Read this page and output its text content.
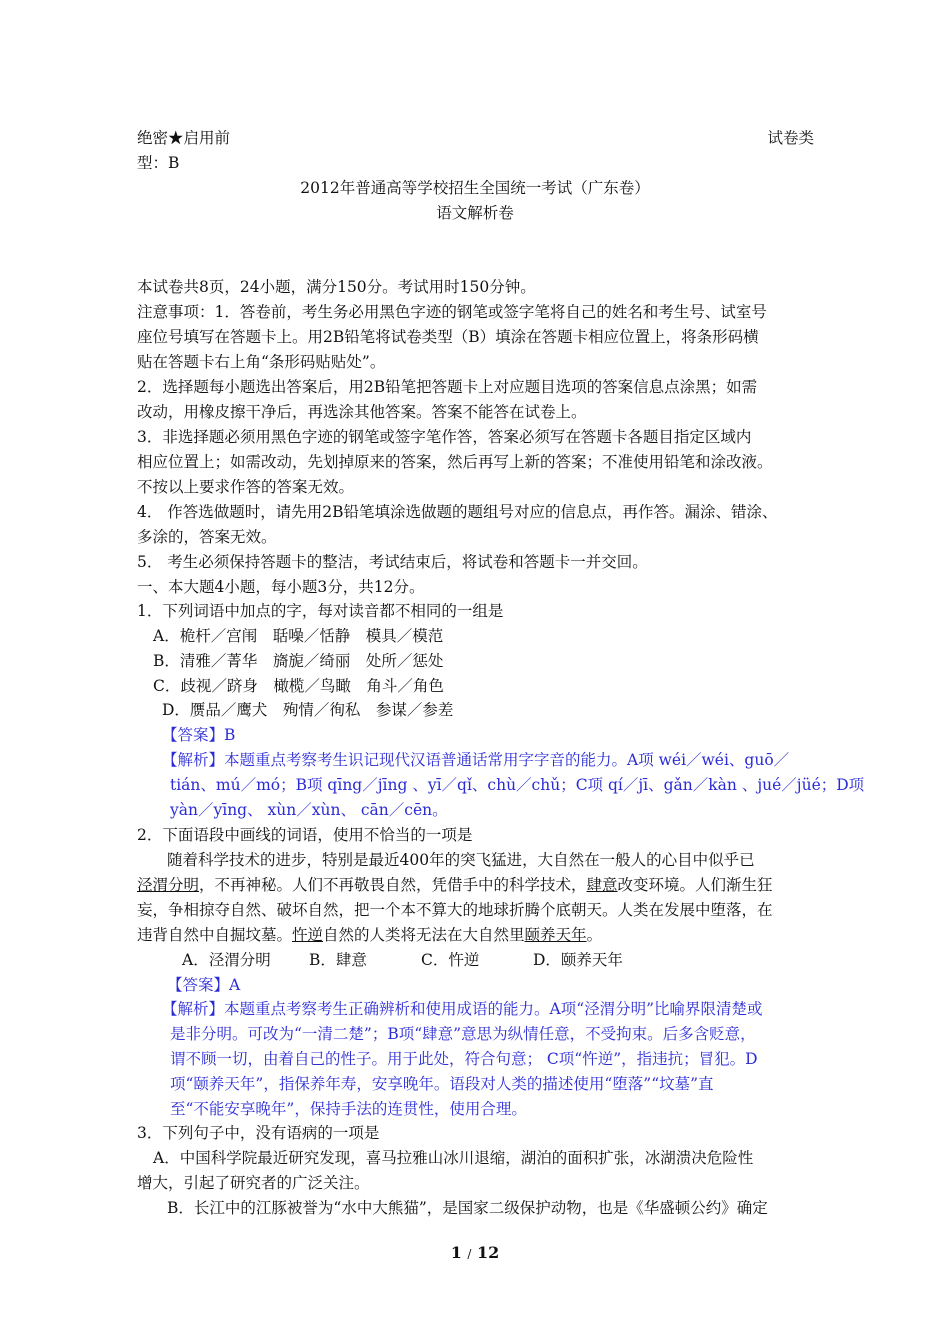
绝密★启用前	试卷类
型：B
2012年普通高等学校招生全国统一考试（广东卷）
语文解析卷
本试卷共8页，24小题，满分150分。考试用时150分钟。
注意事项：1．答卷前，考生务必用黑色字迹的钢笔或签字笔将自己的姓名和考生号、试室号
座位号填写在答题卡上。用2B铅笔将试卷类型（B）填涂在答题卡相应位置上，将条形码横
贴在答题卡右上角“条形码贴贴处”。
2．选择题每小题选出答案后，用2B铅笔把答题卡上对应题目选项的答案信息点涂黑；如需
改动，用橡皮擦干净后，再选涂其他答案。答案不能答在试卷上。
3．非选择题必须用黑色字迹的钢笔或签字笔作答，答案必须写在答题卡各题目指定区域内
相应位置上；如需改动，先划掉原来的答案，然后再写上新的答案；不准使用铅笔和涂改液。
不按以上要求作答的答案无效。
4． 作答选做题时，请先用2B铅笔填涂选做题的题组号对应的信息点，再作答。漏涂、错涂、
多涂的，答案无效。
5． 考生必须保持答题卡的整洁，考试结束后，将试卷和答题卡一并交回。
一、本大题4小题，每小题3分，共12分。
1．下列词语中加点的字，每对读音都不相同的一组是
A．桅杆／宫闱　聒噪／恬静　模具／模范
B．清雅／菁华　旖旎／绮丽　处所／惩处
C．歧视／跻身　橄榄／鸟瞰　角斗／角色
D．赝品／鹰犬　殉情／徇私　参谋／参差
【答案】B
【解析】本题重点考察考生识记现代汉语普通话常用字字音的能力。A项 wéi／wéi、guō／
tián、mú／mó；B项 qīng／jīng 、yī／qǐ、chù／chǔ；C项 qí／jī、gǎn／kàn 、jué／jüé；D项
yàn／yīng、 xùn／xùn、 cān／cēn。
2．下面语段中画线的词语，使用不恰当的一项是
随着科学技术的进步，特别是最近400年的突飞猛进，大自然在一般人的心目中似乎已
泾渭分明，不再神秘。人们不再敬畏自然，凭借手中的科学技术，肆意改变环境。人们渐生狂
妄，争相掠夺自然、破坏自然，把一个本不算大的地球折腾个底朝天。人类在发展中堕落，在
违背自然中自掘坟墓。忤逆自然的人类将无法在大自然里颐养天年。
A．泾渭分明 B．肆意	C．忤逆	D．颐养天年
【答案】A
【解析】本题重点考察考生正确辨析和使用成语的能力。A项“泾渭分明”比喻界限清楚或
是非分明。可改为“一清二楚”；B项“肆意”意思为纵情任意，不受拘束。后多含贬意，
谓不顾一切，由着自己的性子。用于此处，符合句意； C项“忤逆”，指违抗；冒犯。D
项“颐养天年”，指保养年寿，安享晚年。语段对人类的描述使用“堕落”“坟墓”直
至“不能安享晚年”，保持手法的连贯性，使用合理。
3．下列句子中，没有语病的一项是
A．中国科学院最近研究发现，喜马拉雅山冰川退缩，湖泊的面积扩张，冰湖溃决危险性
增大，引起了研究者的广泛关注。
B．长江中的江豚被誉为“水中大熊猫”，是国家二级保护动物，也是《华盛顿公约》确定
1 / 12
